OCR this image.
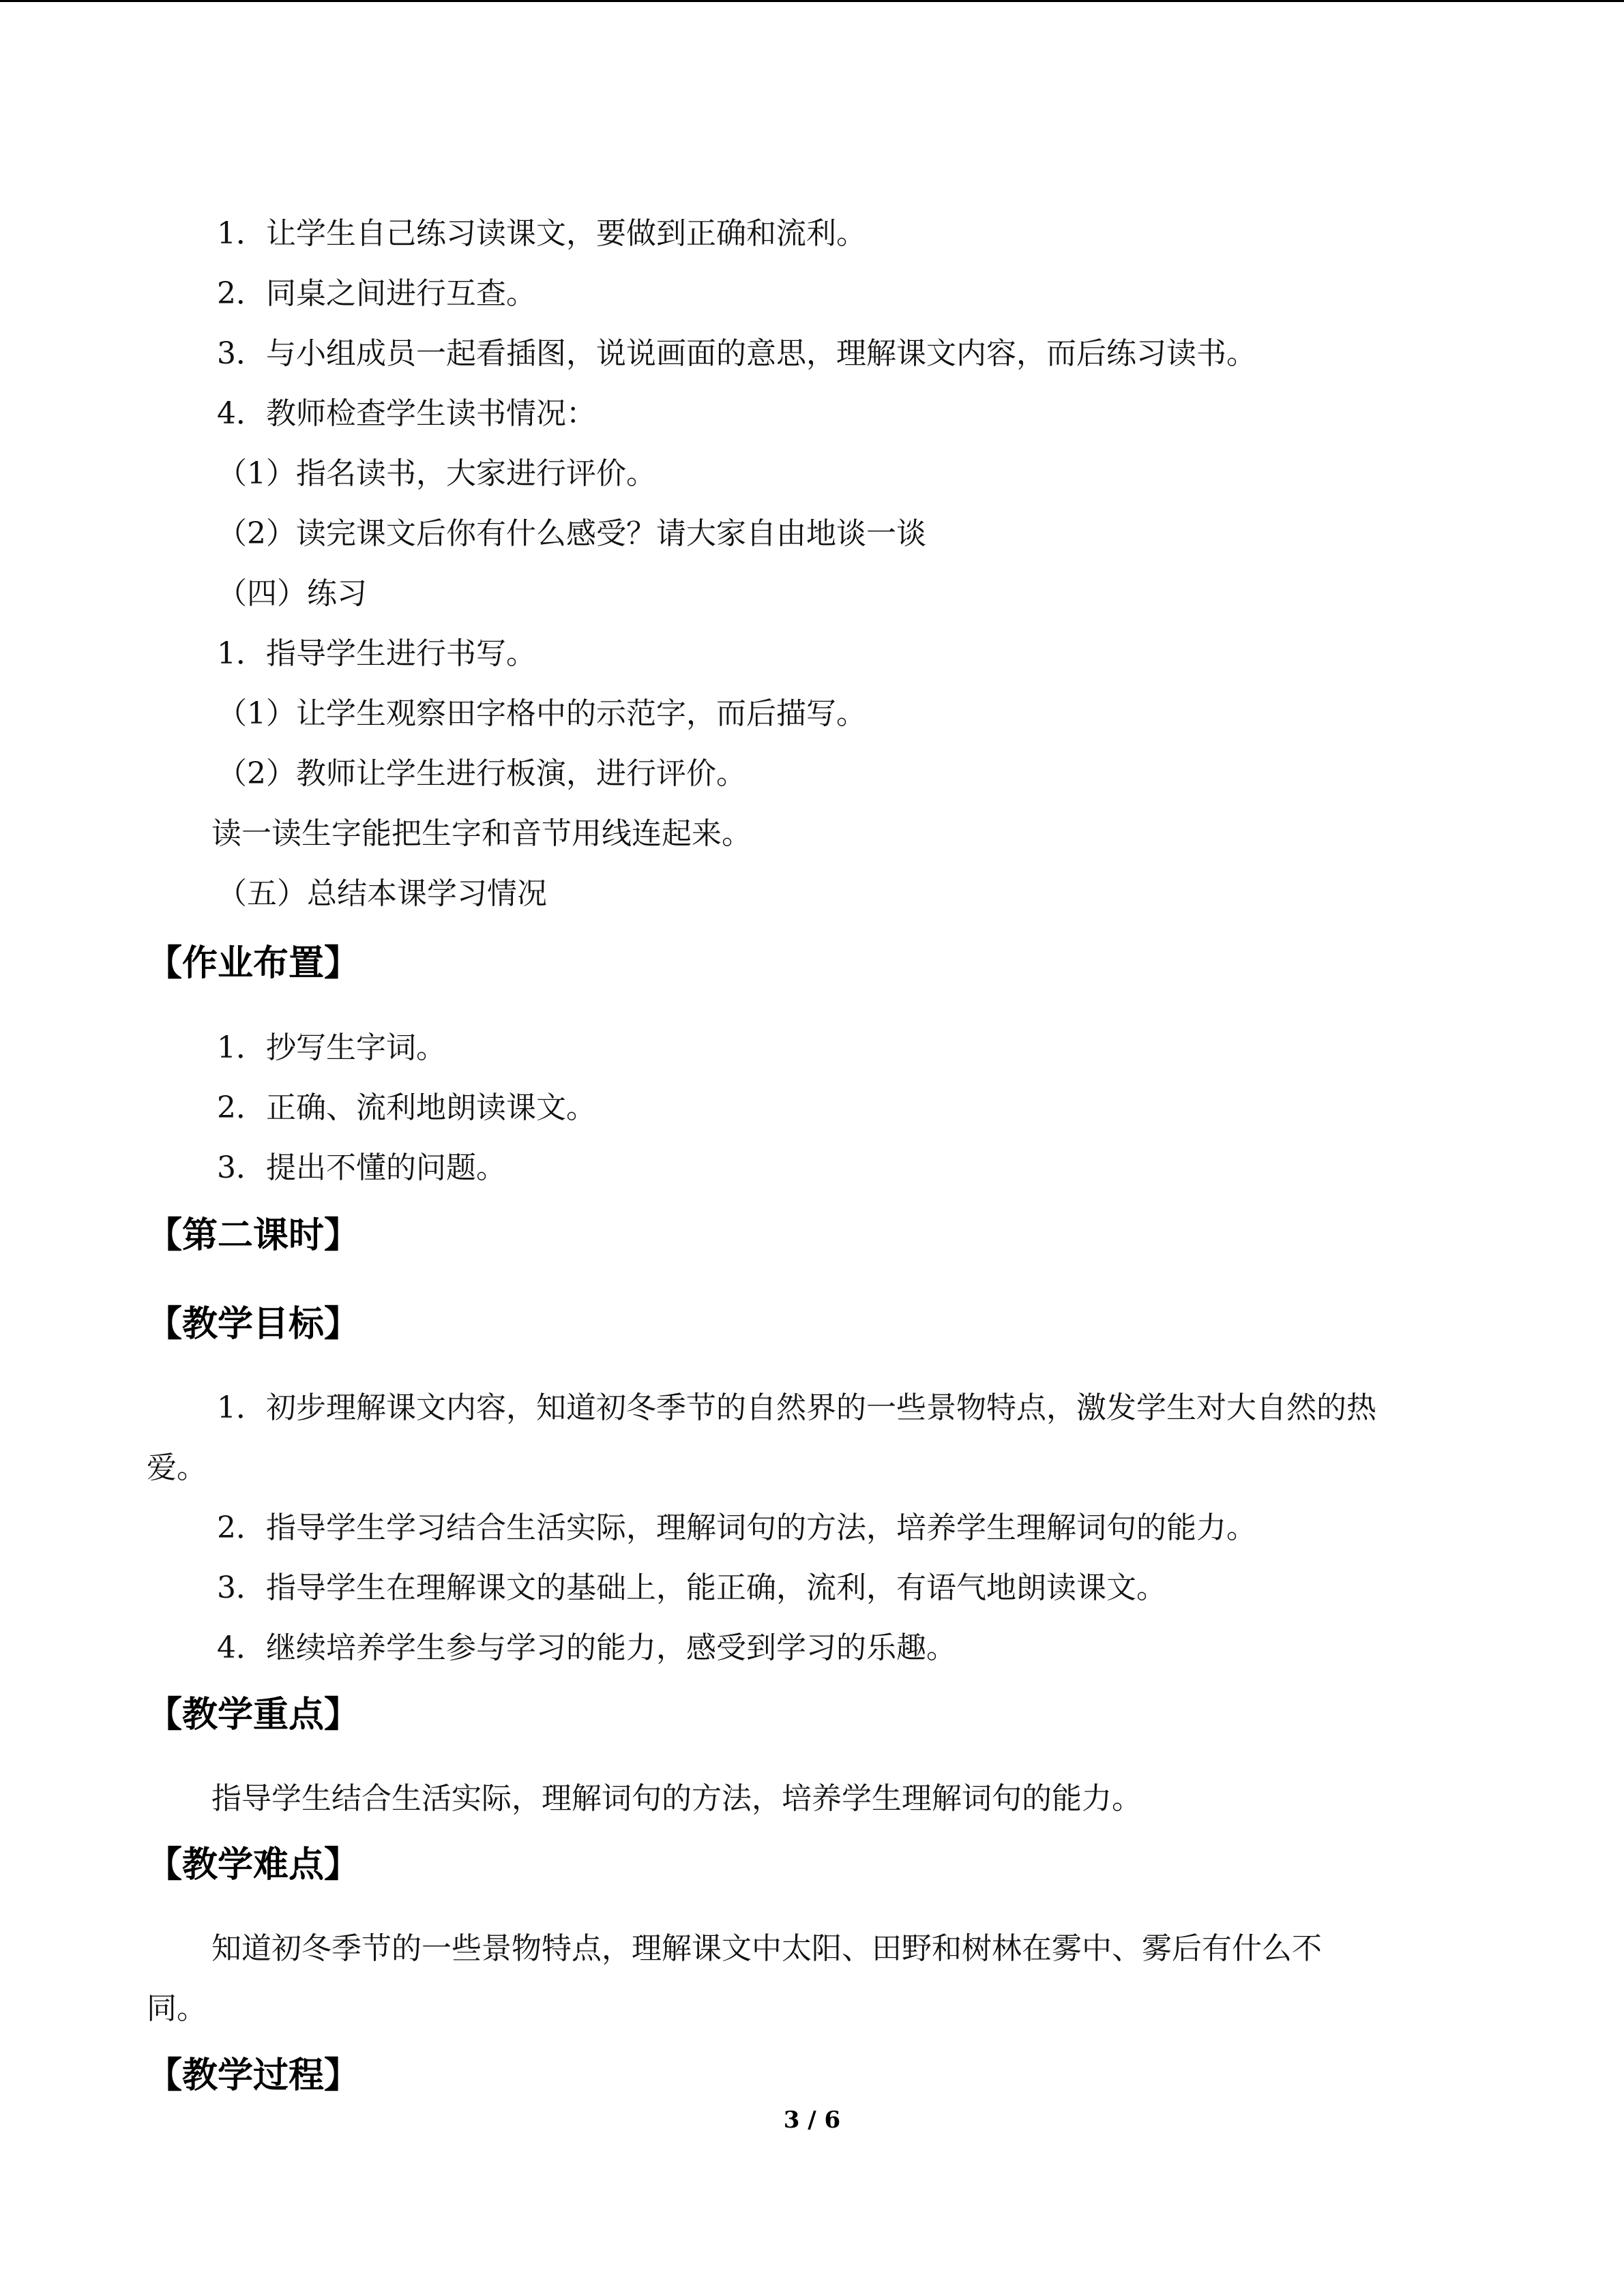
1．让学生自己练习读课文，要做到正确和流利。
2．同桌之间进行互查。
3．与小组成员一起看插图，说说画面的意思，理解课文内容，而后练习读书。
4．教师检查学生读书情况：
（1）指名读书，大家进行评价。
（2）读完课文后你有什么感受？请大家自由地谈一谈
（四）练习
1．指导学生进行书写。
（1）让学生观察田字格中的示范字，而后描写。
（2）教师让学生进行板演，进行评价。
读一读生字能把生字和音节用线连起来。
（五）总结本课学习情况
【作业布置】
1．抄写生字词。
2．正确、流利地朗读课文。
3．提出不懂的问题。
【第二课时】
【教学目标】
1．初步理解课文内容，知道初冬季节的自然界的一些景物特点，激发学生对大自然的热
爱。
2．指导学生学习结合生活实际，理解词句的方法，培养学生理解词句的能力。
3．指导学生在理解课文的基础上，能正确，流利，有语气地朗读课文。
4．继续培养学生参与学习的能力，感受到学习的乐趣。
【教学重点】
指导学生结合生活实际，理解词句的方法，培养学生理解词句的能力。
【教学难点】
知道初冬季节的一些景物特点，理解课文中太阳、田野和树林在雾中、雾后有什么不
同。
【教学过程】
3 / 6
